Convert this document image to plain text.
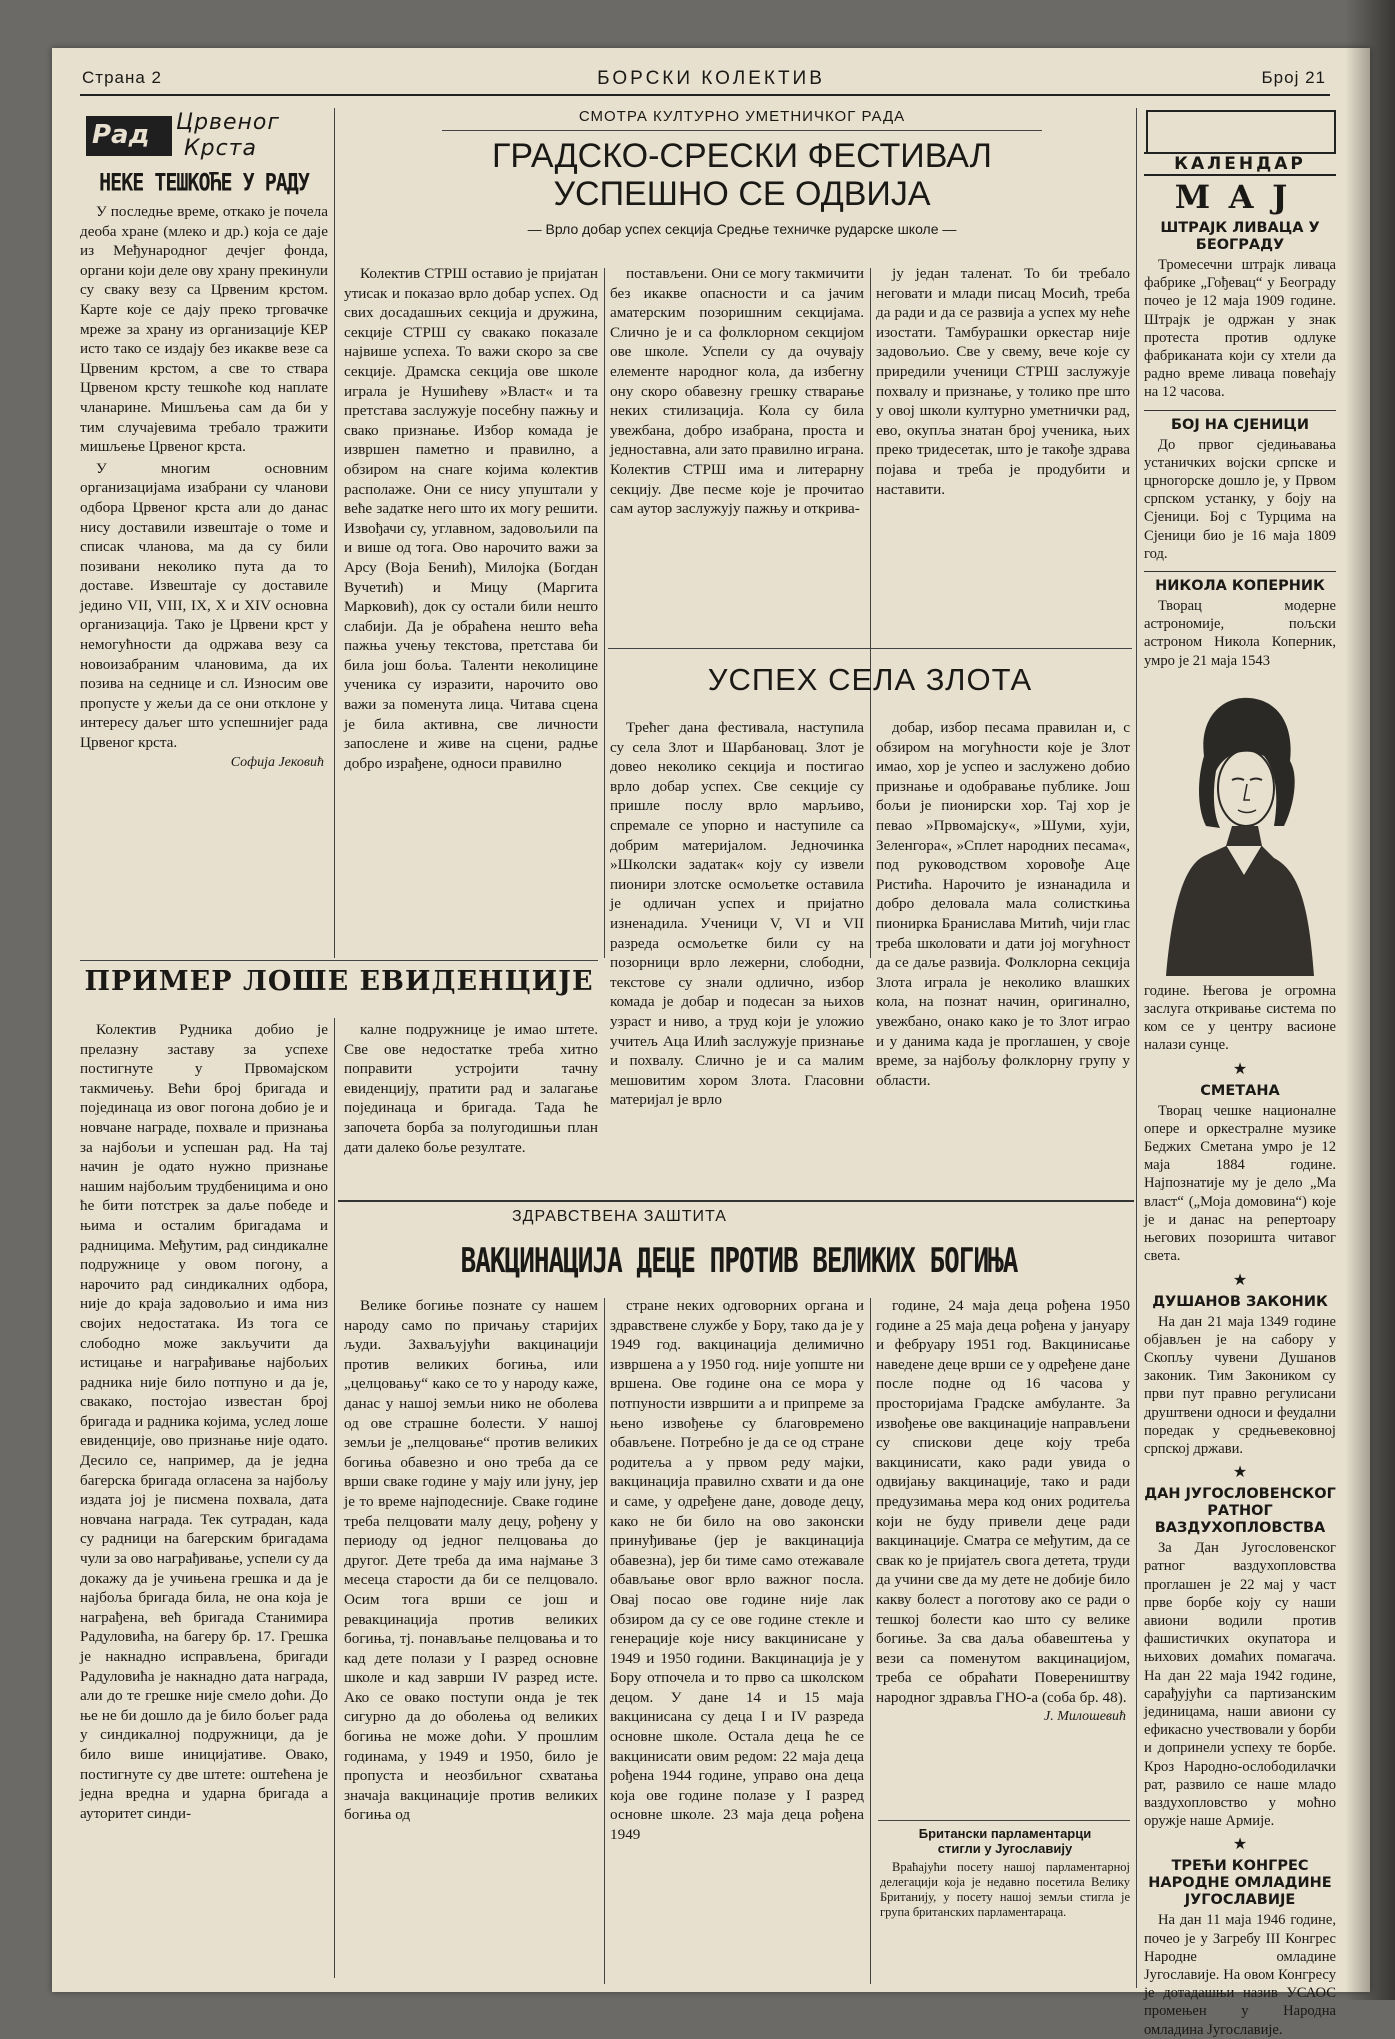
Страна 2	БОРСКИ КОЛЕКТИВ	Број 21
Рад Црвеног
Крста
НЕКЕ ТЕШКОЋЕ У РАДУ

У последње време, откако је почела деоба хране (млеко и др.) која се даје из Међународног дечјег фонда, органи који деле ову храну прекинули су сваку везу са Црвеним крстом. Карте које се дају преко трговачке мреже за храну из организације КЕР исто тако се издају без икакве везе са Црвеним крстом, а све то ствара Црвеном крсту тешкоће код наплате чланарине. Мишљења сам да би у тим случајевима требало тражити мишљење Црвеног крста.

У многим основним организацијама изабрани су чланови одбора Црвеног крста али до данас нису доставили извештаје о томе и списак чланова, ма да су били позивани неколико пута да то доставе. Извештаје су доставиле једино VII, VIII, IX, X и XIV основна организација. Тако је Црвени крст у немогућности да одржава везу са новоизабраним члановима, да их позива на седнице и сл. Износим ове пропусте у жељи да се они отклоне у интересу даљег што успешнијег рада Црвеног крста.

Софија Јековић
СМОТРА КУЛТУРНО УМЕТНИЧКОГ РАДА
ГРАДСКО-СРЕСКИ ФЕСТИВАЛ
УСПЕШНО СЕ ОДВИЈА
— Врло добар успех секција Средње техничке рударске школе —

Колектив СТРШ оставио је пријатан утисак и показао врло добар успех. Од свих досадашњих секција и дружина, секције СТРШ су свакако показале највише успеха. То важи скоро за све секције. Драмска секција ове школе играла је Нушићеву »Власт« и та претстава заслужује посебну пажњу и свако признање. Избор комада је извршен паметно и правилно, а обзиром на снаге којима колектив располаже. Они се нису упуштали у веће задатке него што их могу решити. Извођачи су, углавном, задовољили па и више од тога. Ово нарочито важи за Арсу (Воја Бенић), Милојка (Богдан Вучетић) и Мицу (Маргита Марковић), док су остали били нешто слабији. Да је обраћена нешто већа пажња учењу текстова, претстава би била још боља. Таленти неколицине ученика су изразити, нарочито ово важи за поменута лица. Читава сцена је била активна, све личности запослене и живе на сцени, радње добро израђене, односи правилно

постављени. Они се могу такмичити без икакве опасности и са јачим аматерским позоришним секцијама. Слично је и са фолклорном секцијом ове школе. Успели су да очувају елементе народног кола, да избегну ону скоро обавезну грешку стварање неких стилизација. Кола су била увежбана, добро изабрана, проста и једноставна, али зато правилно играна. Колектив СТРШ има и литерарну секцију. Две песме које је прочитао сам аутор заслужују пажњу и открива-

ју један таленат. То би требало неговати и млади писац Мосић, треба да ради и да се развија а успех му неће изостати. Тамбурашки оркестар није задовољио. Све у свему, вече које су приредили ученици СТРШ заслужује похвалу и признање, у толико пре што у овој школи културно уметнички рад, ево, окупља знатан број ученика, њих преко тридесетак, што је такође здрава појава и треба је продубити и наставити.

УСПЕХ СЕЛА ЗЛОТА

Трећег дана фестивала, наступила су села Злот и Шарбановац. Злот је довео неколико секција и постигао врло добар успех. Све секције су пришле послу врло марљиво, спремале се упорно и наступиле са добрим материјалом. Једночинка »Школски задатак« коју су извели пионири злотске осмољетке оставила је одличан успех и пријатно изненадила. Ученици V, VI и VII разреда осмољетке били су на позорници врло лежерни, слободни, текстове су знали одлично, избор комада је добар и подесан за њихов узраст и ниво, а труд који је уложио учитељ Аца Илић заслужује признање и похвалу. Слично је и са малим мешовитим хором Злота. Гласовни материјал је врло

добар, избор песама правилан и, с обзиром на могућности које је Злот имао, хор је успео и заслужено добио признање и одобравање публике. Још бољи је пионирски хор. Тај хор је певао »Првомајску«, »Шуми, хуји, Зеленгора«, »Сплет народних песама«, под руководством хоровође Аце Ристића. Нарочито је изнанадила и добро деловала мала солисткиња пионирка Бранислава Митић, чији глас треба школовати и дати јој могућност да се даље развија. Фолклорна секција Злота играла је неколико влашких кола, на познат начин, оригинално, увежбано, онако како је то Злот играо и у данима када је проглашен, у своје време, за најбољу фолклорну групу у области.

ПРИМЕР ЛОШЕ ЕВИДЕНЦИЈЕ

Колектив Рудника добио је прелазну заставу за успехе постигнуте у Првомајском такмичењу. Већи број бригада и појединаца из овог погона добио је и новчане награде, похвале и признања за најбољи и успешан рад. На тај начин је одато нужно признање нашим најбољим трудбеницима и оно ће бити потстрек за даље победе и њима и осталим бригадама и радницима. Међутим, рад синдикалне подружнице у овом погону, а нарочито рад синдикалних одбора, није до краја задовољио и има низ својих недостатака. Из тога се слободно може закључити да истицање и награђивање најбољих радника није било потпуно и да је, свакако, постојао известан број бригада и радника којима, услед лоше евиденције, ово признање није одато. Десило се, например, да је једна багерска бригада огласена за најбољу издата јој је писмена похвала, дата новчана награда. Тек сутрадан, када су радници на багерским бригадама чули за ово награђивање, успели су да докажу да је учињена грешка и да је најбоља бригада била, не она која је награђена, већ бригада Станимира Радуловића, на багеру бр. 17. Грешка је накнадно исправљена, бригади Радуловића је накнадно дата награда, али до те грешке није смело доћи. До ње не би дошло да је било бољег рада у синдикалној подружници, да је било више иницијативе. Овако, постигнуте су две штете: оштећена је једна вредна и ударна бригада а ауторитет синди-

калне подружнице је имао штете. Све ове недостатке треба хитно поправити устројити тачну евиденцију, пратити рад и залагање појединаца и бригада. Тада ће започета борба за полугодишњи план дати далеко боље резултате.

ЗДРАВСТВЕНА ЗАШТИТА
ВАКЦИНАЦИЈА ДЕЦЕ ПРОТИВ ВЕЛИКИХ БОГИЊА

Велике богиње познате су нашем народу само по причању старијих људи. Захваљујући вакцинацији против великих богиња, или „целцовању“ како се то у народу каже, данас у нашој земљи нико не оболева од ове страшне болести. У нашој земљи је „пелцовање“ против великих богиња обавезно и оно треба да се врши сваке године у мају или јуну, јер је то време најподесније. Сваке године треба пелцовати малу децу, рођену у периоду од једног пелцовања до другог. Дете треба да има најмање 3 месеца старости да би се пелцовало. Осим тога врши се још и ревакцинација против великих богиња, тј. понављање пелцовања и то кад дете полази у I разред основне школе и кад заврши IV разред исте. Ако се овако поступи онда је тек сигурно да до оболења од великих богиња не може доћи. У прошлим годинама, у 1949 и 1950, било је пропуста и неозбиљног схватања значаја вакцинације против великих богиња од

стране неких одговорних органа и здравствене службе у Бору, тако да је у 1949 год. вакцинација делимично извршена а у 1950 год. није уопште ни вршена. Ове године она се мора у потпуности извршити а и припреме за њено извођење су благовремено обављене. Потребно је да се од стране родитеља а у првом реду мајки, вакцинација правилно схвати и да оне и саме, у одређене дане, доводе децу, како не би било на ово законски принуђивање (јер је вакцинација обавезна), јер би тиме само отежавале обављање овог врло важног посла. Овај посао ове године није лак обзиром да су се ове године стекле и генерације које нису вакцинисане у 1949 и 1950 години. Вакцинација је у Бору отпочела и то прво са школском децом. У дане 14 и 15 маја вакцинисана су деца I и IV разреда основне школе. Остала деца ће се вакцинисати овим редом: 22 маја деца рођена 1944 године, управо она деца која ове године полазе у I разред основне школе. 23 маја деца рођена 1949

године, 24 маја деца рођена 1950 године а 25 маја деца рођена у јануару и фебруару 1951 год. Вакцинисање наведене деце врши се у одређене дане после подне од 16 часова у просторијама Градске амбуланте. За извођење ове вакцинације направљени су спискови деце коју треба вакцинисати, како ради увида о одвијању вакцинације, тако и ради предузимања мера код оних родитеља који не буду привели деце ради вакцинације. Сматра се међутим, да се свак ко је пријатељ свога детета, труди да учини све да му дете не добије било какву болест а поготову ако се ради о тешкој болести као што су велике богиње. За сва даља обавештења у вези са поменутом вакцинацијом, треба се обраћати Повереништву народног здравља ГНО-а (соба бр. 48).

Ј. Милошевић
Британски парламентарци
стигли у Југославију

Враћајући посету нашој парламентарној делегацији која је недавно посетила Велику Британију, у посету нашој земљи стигла је група британских парламентараца.

КАЛЕНДАР
МАЈ
ШТРАЈК ЛИВАЦА У БЕОГРАДУ

Тромесечни штрајк ливаца фабрике „Гођевац“ у Београду почео је 12 маја 1909 године. Штрајк је одржан у знак протеста против одлуке фабриканата који су хтели да радно време ливаца повећају на 12 часова.

БОЈ НА СЈЕНИЦИ

До првог сједињавања устаничких војски српске и црногорске дошло је, у Првом српском устанку, у боју на Сјеници. Бој с Турцима на Сјеници био је 16 маја 1809 год.

НИКОЛА КОПЕРНИК

Творац модерне астрономије, пољски астроном Никола Коперник, умро је 21 маја 1543

године. Његова је огромна заслуга откривање система по ком се у центру васионе налази сунце.

★
СМЕТАНА

Творац чешке националне опере и оркестралне музике Беджих Сметана умро је 12 маја 1884 године. Најпознатије му је дело „Ма власт“ („Моја домовина“) које је и данас на репертоару његових позоришта читавог света.

★
ДУШАНОВ ЗАКОНИК

На дан 21 маја 1349 године објављен је на сабору у Скопљу чувени Душанов законик. Тим Закоником су први пут правно регулисани друштвени односи и феудални поредак у средњевековној српској држави.

★
ДАН ЈУГОСЛОВЕНСКОГ РАТНОГ ВАЗДУХОПЛОВСТВА

За Дан Југословенског ратног ваздухопловства проглашен је 22 мај у част прве борбе коју су наши авиони водили против фашистичких окупатора и њихових домаћих помагача. На дан 22 маја 1942 године, сарађујући са партизанским јединицама, наши авиони су ефикасно учествовали у борби и допринели успеху те борбе. Кроз Народно-ослободилачки рат, развило се наше младо ваздухопловство у моћно оружје наше Армије.

★
ТРЕЋИ КОНГРЕС НАРОДНЕ ОМЛАДИНЕ ЈУГОСЛАВИЈЕ

На дан 11 маја 1946 године, почео је у Загребу III Конгрес Народне омладине Југославије. На овом Конгресу је дотадашњи назив УСАОС промењен у Народна омладина Југославије.
